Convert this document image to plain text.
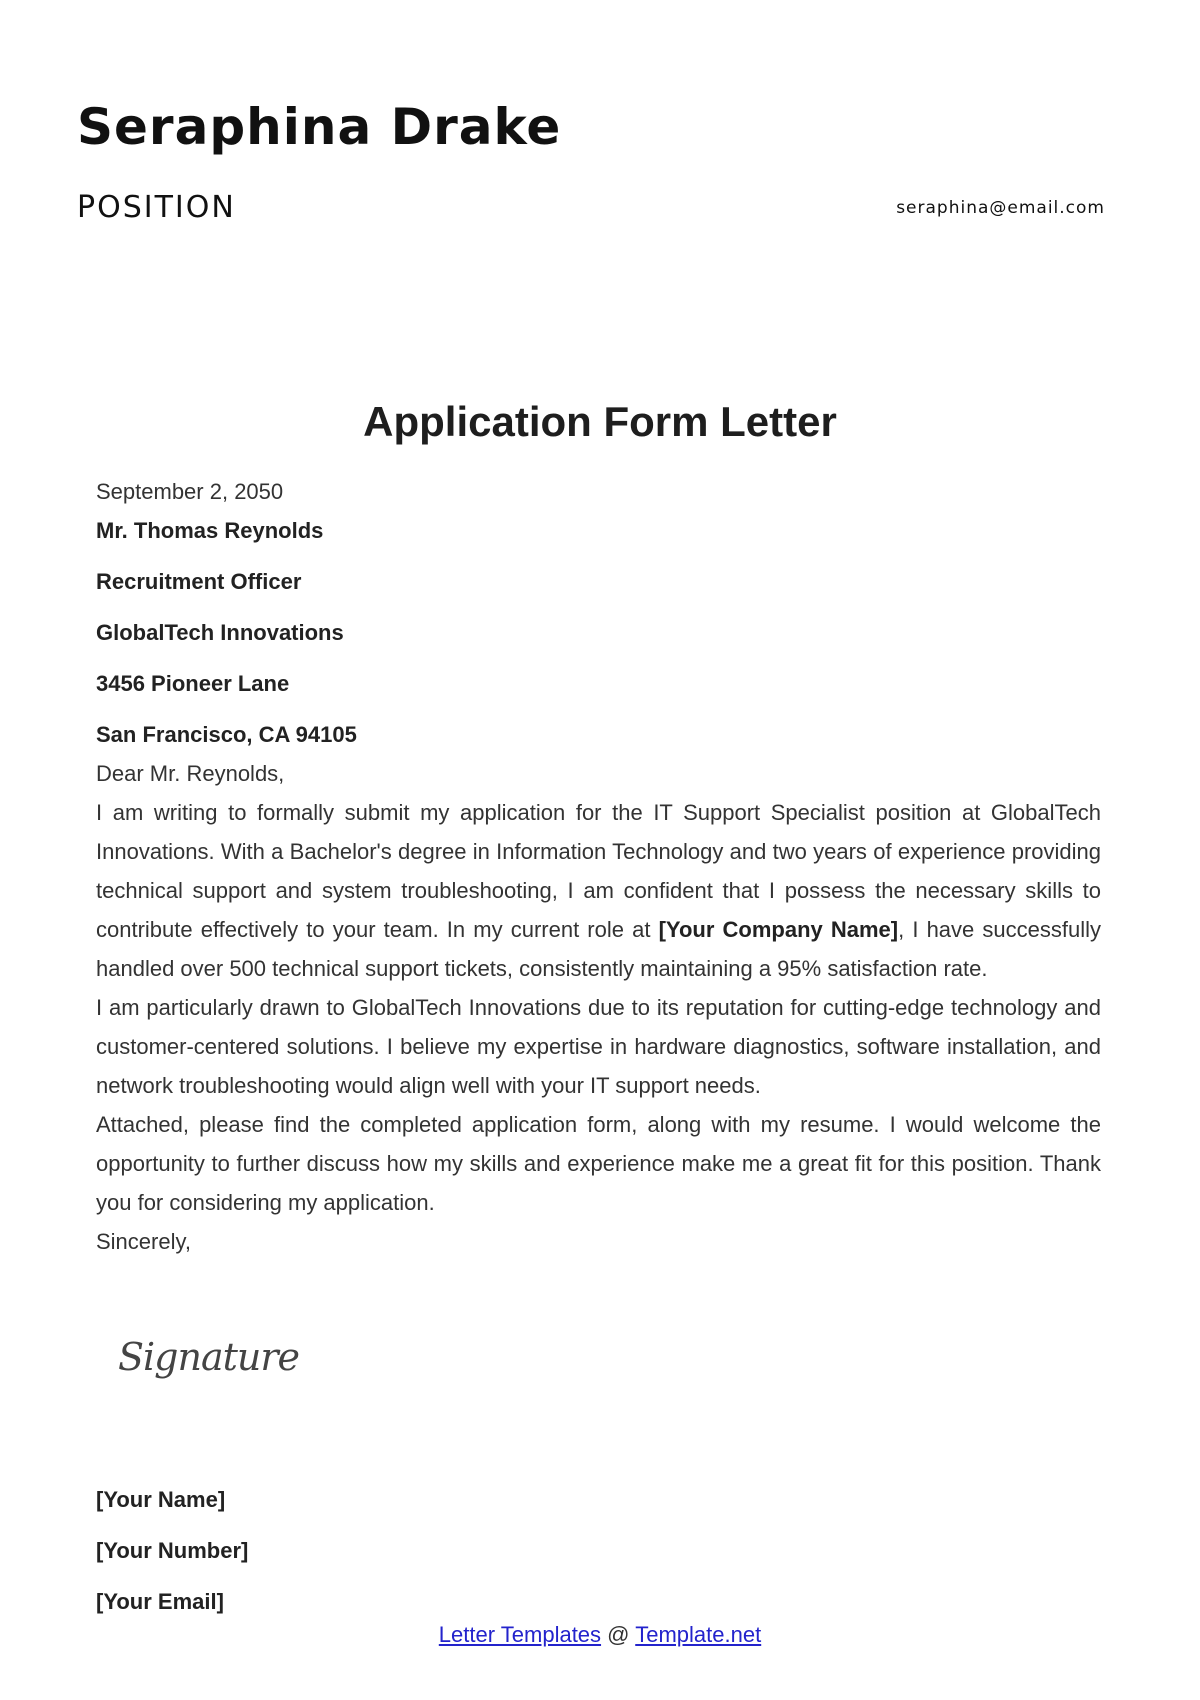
Seraphina Drake
POSITION	seraphina@email.com
Application Form Letter

September 2, 2050

Mr. Thomas Reynolds

Recruitment Officer

GlobalTech Innovations

3456 Pioneer Lane

San Francisco, CA 94105

Dear Mr. Reynolds,

I am writing to formally submit my application for the IT Support Specialist position at GlobalTech Innovations. With a Bachelor's degree in Information Technology and two years of experience providing technical support and system troubleshooting, I am confident that I possess the necessary skills to contribute effectively to your team. In my current role at [Your Company Name], I have successfully handled over 500 technical support tickets, consistently maintaining a 95% satisfaction rate.

I am particularly drawn to GlobalTech Innovations due to its reputation for cutting-edge technology and customer-centered solutions. I believe my expertise in hardware diagnostics, software installation, and network troubleshooting would align well with your IT support needs.

Attached, please find the completed application form, along with my resume. I would welcome the opportunity to further discuss how my skills and experience make me a great fit for this position. Thank you for considering my application.

Sincerely,

Signature

[Your Name]

[Your Number]

[Your Email]

Letter Templates @ Template.net
